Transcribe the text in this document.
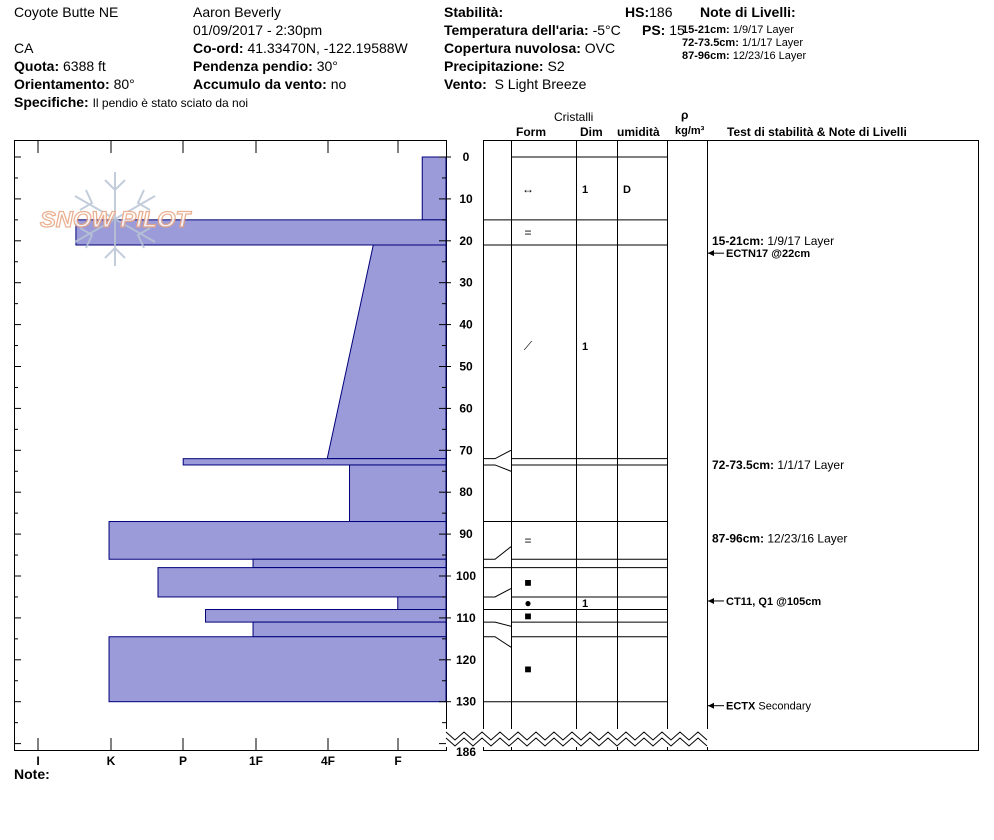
Coyote Butte NE
CA
Quota: 6388 ft
Orientamento: 80°
Specifiche: Il pendio è stato sciato da noi
Aaron Beverly
01/09/2017 - 2:30pm
Co-ord: 41.33470N, -122.19588W
Pendenza pendio: 30°
Accumulo da vento: no
Stabilità:
Temperatura dell'aria: -5°C
Copertura nuvolosa: OVC
Precipitazione: S2
Vento: S Light Breeze
HS:186
PS: 15
Note di Livelli:
15-21cm: 1/9/17 Layer
72-73.5cm: 1/1/17 Layer
87-96cm: 12/23/16 Layer
Cristalli
Form	Dim umidità
ρ
kg/m³ Test di stabilità & Note di Livelli
Note:
I	K	P	1F	4F	F
0
10
20
30
40
50
60
70
80
90
100
110
120
130
SNOW PILOT
↔	1	D
=
⟋	1
=
■
●	1
■
■
15-21cm: 1/9/17 Layer
ECTN17 @22cm
72-73.5cm: 1/1/17 Layer
87-96cm: 12/23/16 Layer
CT11, Q1 @105cm
ECTX Secondary
186
